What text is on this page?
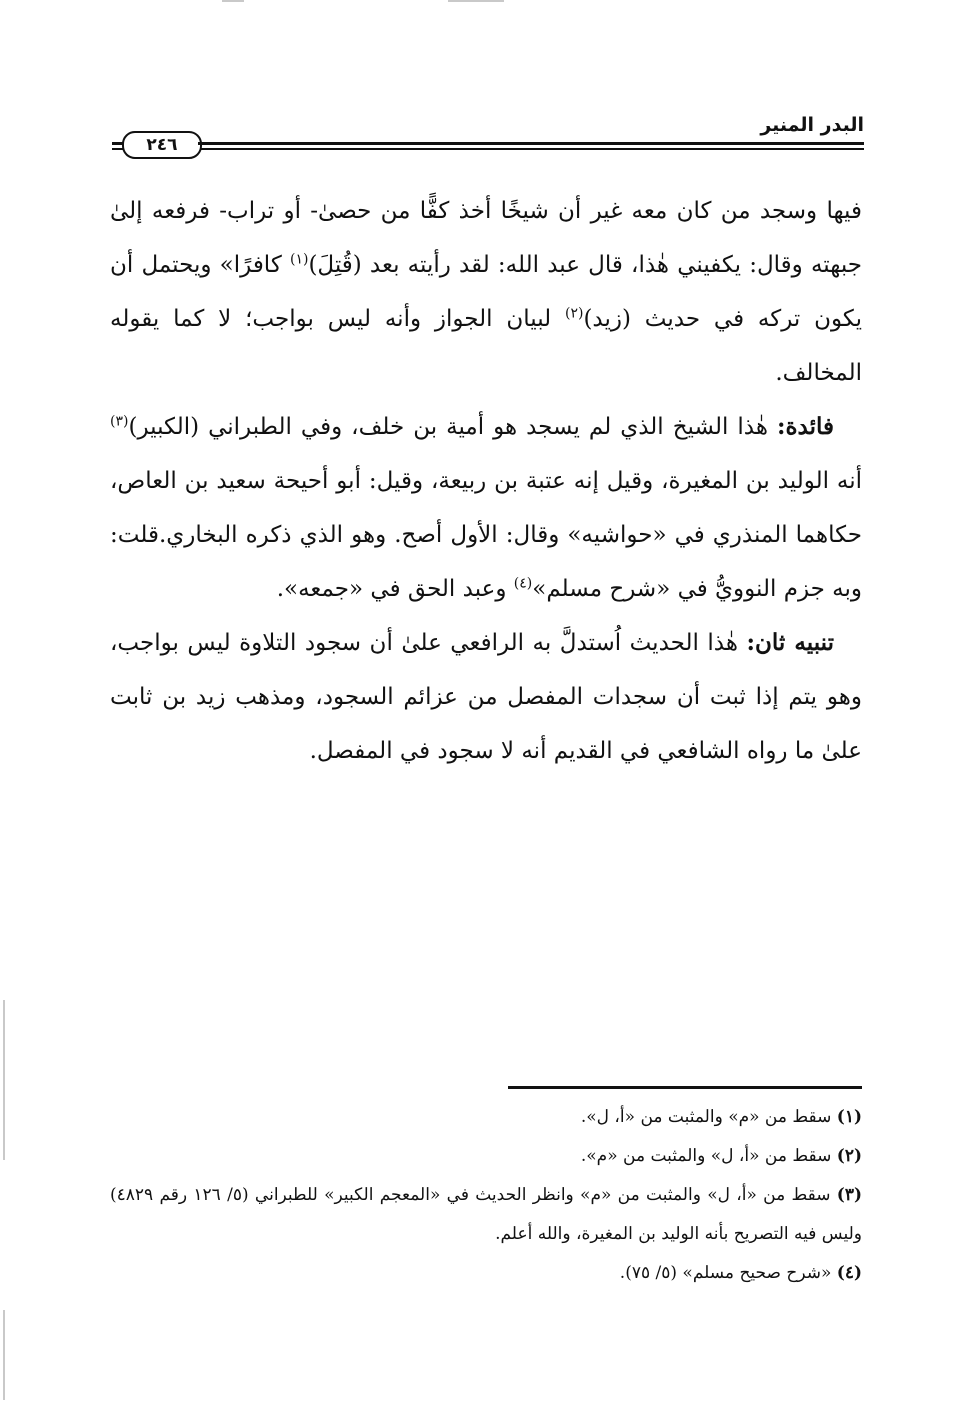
البدر المنير
٢٤٦

فيها وسجد من كان معه غير أن شيخًا أخذ كفًّا من حصىٰ- أو تراب- فرفعه إلىٰ جبهته وقال: يكفيني هٰذا، قال عبد الله: لقد رأيته بعد (قُتِلَ)$^{(١)}$ كافرًا» ويحتمل أن يكون تركه في حديث (زيد)$^{(٢)}$ لبيان الجواز وأنه ليس بواجب؛ لا كما يقوله المخالف.

فائدة: هٰذا الشيخ الذي لم يسجد هو أمية بن خلف، وفي الطبراني (الكبير)$^{(٣)}$ أنه الوليد بن المغيرة، وقيل إنه عتبة بن ربيعة، وقيل: أبو أحيحة سعيد بن العاص، حكاهما المنذري في «حواشيه» وقال: الأول أصح. وهو الذي ذكره البخاري.قلت: وبه جزم النوويُّ في «شرح مسلم»$^{(٤)}$ وعبد الحق في «جمعه».

تنبيه ثان: هٰذا الحديث اُستدلَّ به الرافعي علىٰ أن سجود التلاوة ليس بواجب، وهو يتم إذا ثبت أن سجدات المفصل من عزائم السجود، ومذهب زيد بن ثابت علىٰ ما رواه الشافعي في القديم أنه لا سجود في المفصل.

(١) سقط من «م» والمثبت من «أ، ل».

(٢) سقط من «أ، ل» والمثبت من «م».

(٣) سقط من «أ، ل» والمثبت من «م» وانظر الحديث في «المعجم الكبير» للطبراني (٥/ ١٢٦ رقم ٤٨٢٩) وليس فيه التصريح بأنه الوليد بن المغيرة، والله أعلم.

(٤) «شرح صحيح مسلم» (٥/ ٧٥).
